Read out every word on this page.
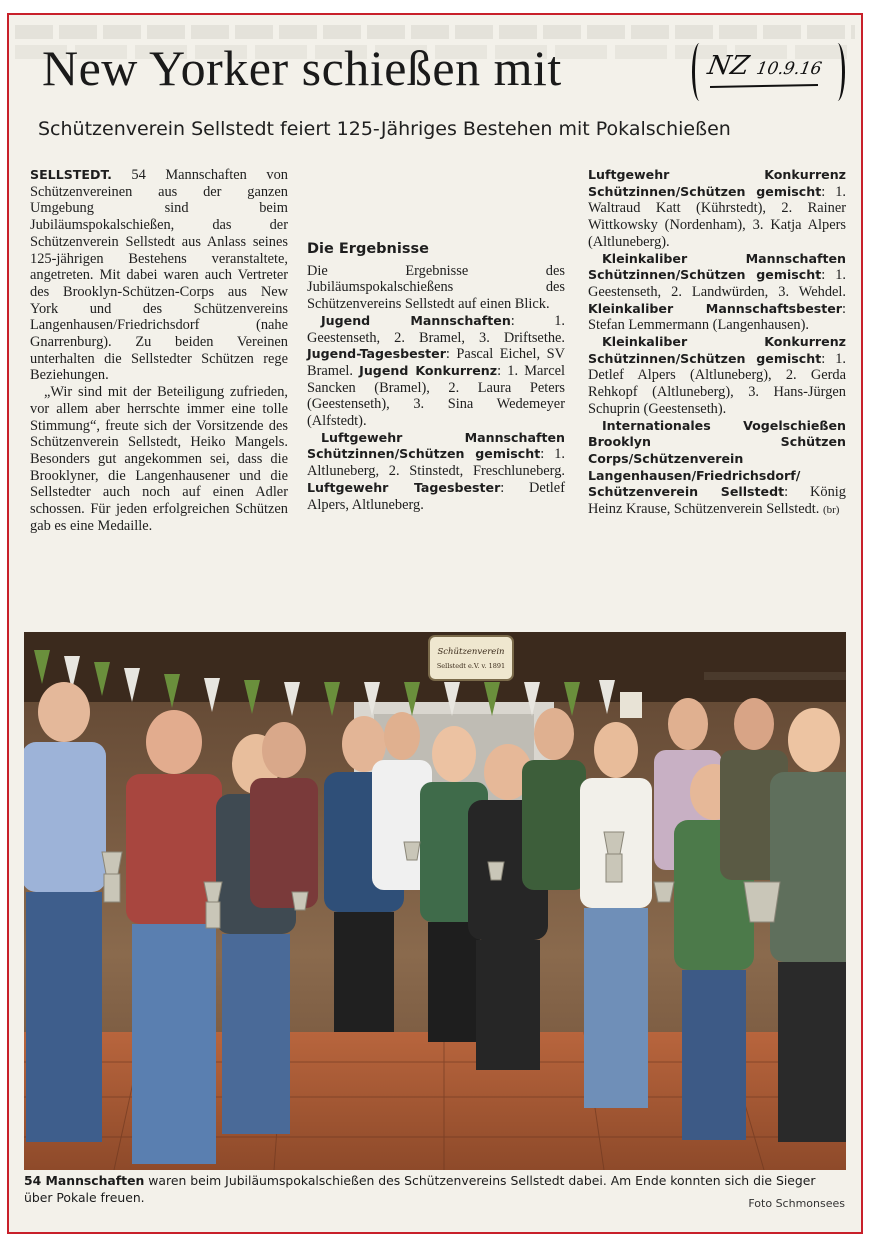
New Yorker schießen mit	NZ 10.9.16
Schützenverein Sellstedt feiert 125-Jähriges Bestehen mit Pokalschießen

SELLSTEDT. 54 Mannschaften von Schützenvereinen aus der ganzen Umgebung sind beim Jubiläumspokalschießen, das der Schützenverein Sellstedt aus Anlass seines 125-jährigen Bestehens veranstaltete, angetreten. Mit dabei waren auch Vertreter des Brooklyn-Schützen-Corps aus New York und des Schützenvereins Langenhausen/Friedrichsdorf (nahe Gnarrenburg). Zu beiden Vereinen unterhalten die Sellstedter Schützen rege Beziehungen.

„Wir sind mit der Beteiligung zufrieden, vor allem aber herrschte immer eine tolle Stimmung“, freute sich der Vorsitzende des Schützenverein Sellstedt, Heiko Mangels. Besonders gut angekommen sei, dass die Brooklyner, die Langenhausener und die Sellstedter auch noch auf einen Adler schossen. Für jeden erfolgreichen Schützen gab es eine Medaille.

Die Ergebnisse

Die Ergebnisse des Jubiläumspokalschießens des Schützenvereins Sellstedt auf einen Blick.

Jugend Mannschaften: 1. Geestenseth, 2. Bramel, 3. Driftsethe. Jugend-Tagesbester: Pascal Eichel, SV Bramel. Jugend Konkurrenz: 1. Marcel Sancken (Bramel), 2. Laura Peters (Geestenseth), 3. Sina Wedemeyer (Alfstedt).

Luftgewehr Mannschaften Schützinnen/Schützen gemischt: 1. Altluneberg, 2. Stinstedt, Freschluneberg. Luftgewehr Tagesbester: Detlef Alpers, Altluneberg.

Luftgewehr Konkurrenz Schützinnen/Schützen gemischt: 1. Waltraud Katt (Kührstedt), 2. Rainer Wittkowsky (Nordenham), 3. Katja Alpers (Altluneberg).

Kleinkaliber Mannschaften Schützinnen/Schützen gemischt: 1. Geestenseth, 2. Landwürden, 3. Wehdel. Kleinkaliber Mannschaftsbester: Stefan Lemmermann (Langenhausen).

Kleinkaliber Konkurrenz Schützinnen/Schützen gemischt: 1. Detlef Alpers (Altluneberg), 2. Gerda Rehkopf (Altluneberg), 3. Hans-Jürgen Schuprin (Geestenseth).

Internationales Vogelschießen Brooklyn Schützen Corps/Schützenverein Langenhausen/Friedrichsdorf/ Schützenverein Sellstedt: König Heinz Krause, Schützenverein Sellstedt. (br)

Schützenverein
Sellstedt e.V. v. 1891
54 Mannschaften waren beim Jubiläumspokalschießen des Schützenvereins Sellstedt dabei. Am Ende konnten sich die Sieger über Pokale freuen.	Foto Schmonsees
